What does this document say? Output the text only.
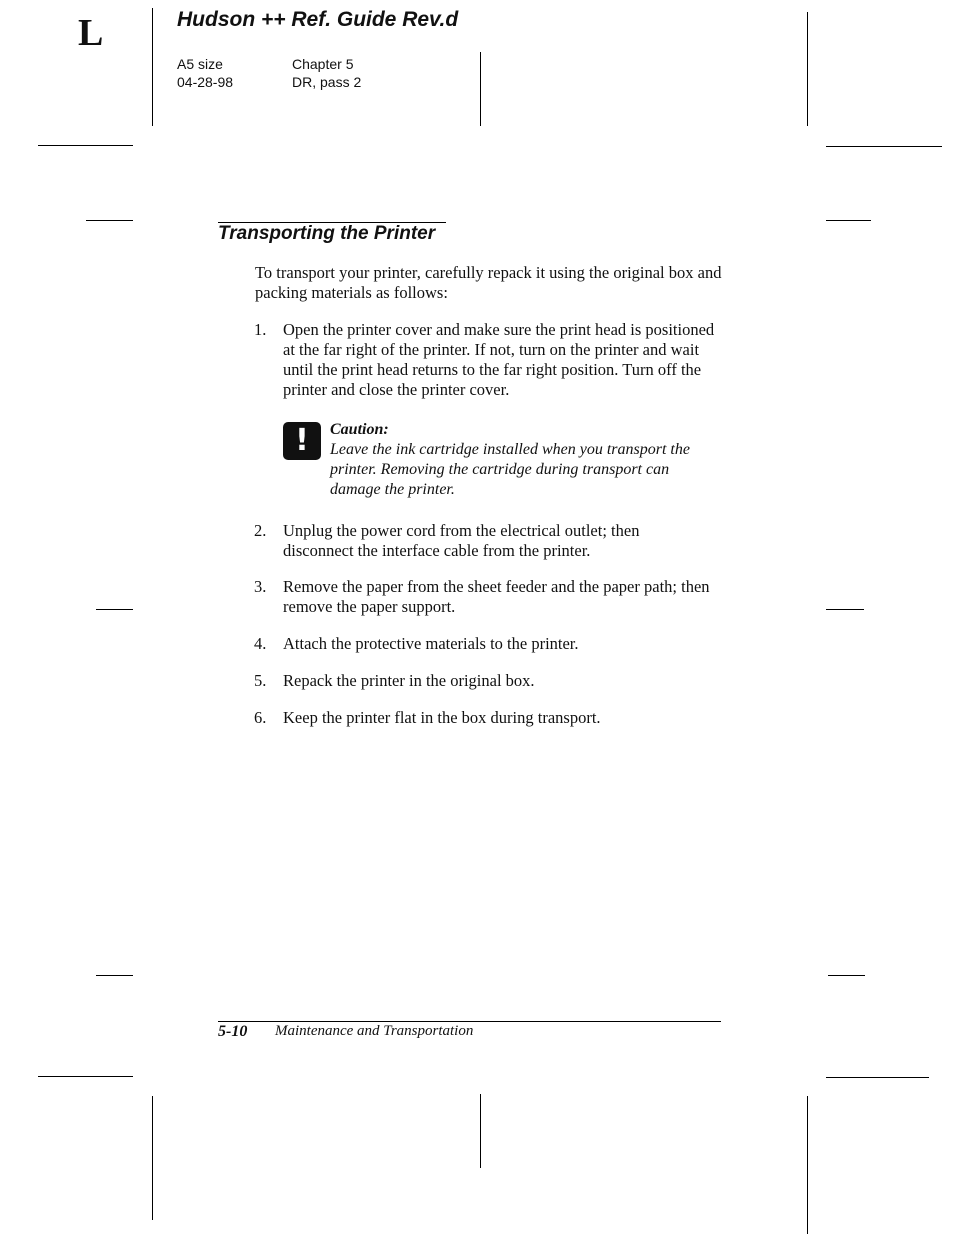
L	Hudson ++ Ref. Guide Rev.d
A5 size
04-28-98
Chapter 5
DR, pass 2
Transporting the Printer
To transport your printer, carefully repack it using the original box and packing materials as follows:
1. Open the printer cover and make sure the print head is positioned at the far right of the printer. If not, turn on the printer and wait until the print head returns to the far right position. Turn off the printer and close the printer cover.
!	Caution:
Leave the ink cartridge installed when you transport the printer. Removing the cartridge during transport can damage the printer.
2. Unplug the power cord from the electrical outlet; then disconnect the interface cable from the printer.
3. Remove the paper from the sheet feeder and the paper path; then remove the paper support.
4. Attach the protective materials to the printer.
5. Repack the printer in the original box.
6. Keep the printer flat in the box during transport.
5-10 Maintenance and Transportation
